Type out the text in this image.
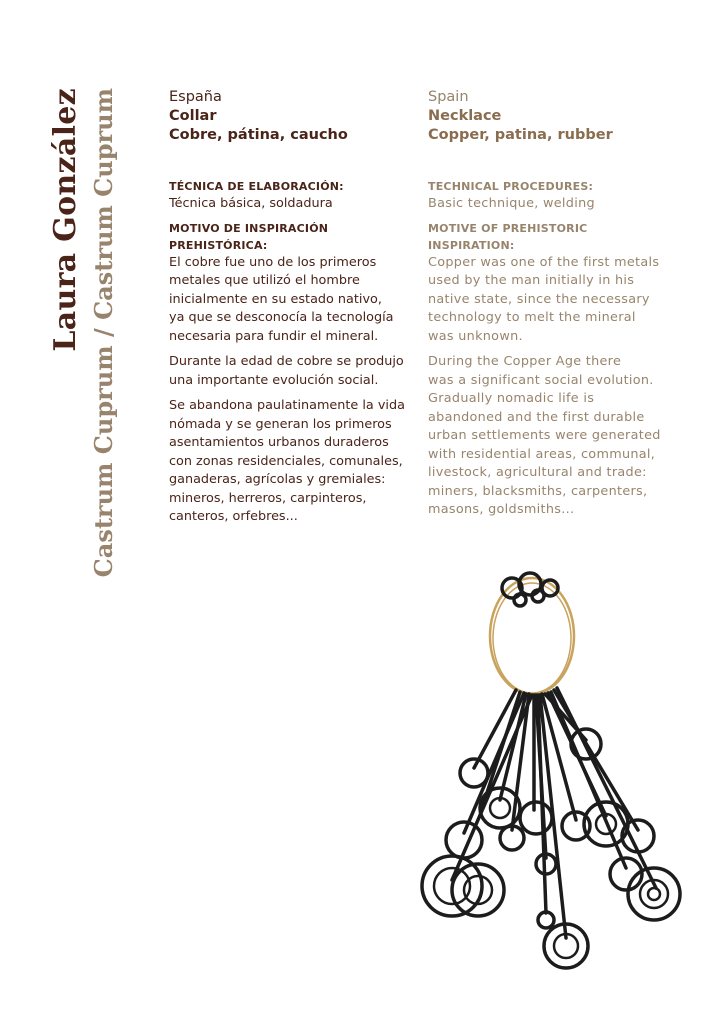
Laura González Castrum Cuprum / Castrum Cuprum	España
Collar
Cobre, pátina, caucho
TÉCNICA DE ELABORACIÓN:
Técnica básica, soldadura
MOTIVO DE INSPIRACIÓN
PREHISTÓRICA:
El cobre fue uno de los primeros
metales que utilizó el hombre
inicialmente en su estado nativo,
ya que se desconocía la tecnología
necesaria para fundir el mineral.
Durante la edad de cobre se produjo
una importante evolución social.
Se abandona paulatinamente la vida
nómada y se generan los primeros
asentamientos urbanos duraderos
con zonas residenciales, comunales,
ganaderas, agrícolas y gremiales:
mineros, herreros, carpinteros,
canteros, orfebres...
Spain
Necklace
Copper, patina, rubber
TECHNICAL PROCEDURES:
Basic technique, welding
MOTIVE OF PREHISTORIC
INSPIRATION:
Copper was one of the first metals
used by the man initially in his
native state, since the necessary
technology to melt the mineral
was unknown.
During the Copper Age there
was a significant social evolution.
Gradually nomadic life is
abandoned and the first durable
urban settlements were generated
with residential areas, communal,
livestock, agricultural and trade:
miners, blacksmiths, carpenters,
masons, goldsmiths...
